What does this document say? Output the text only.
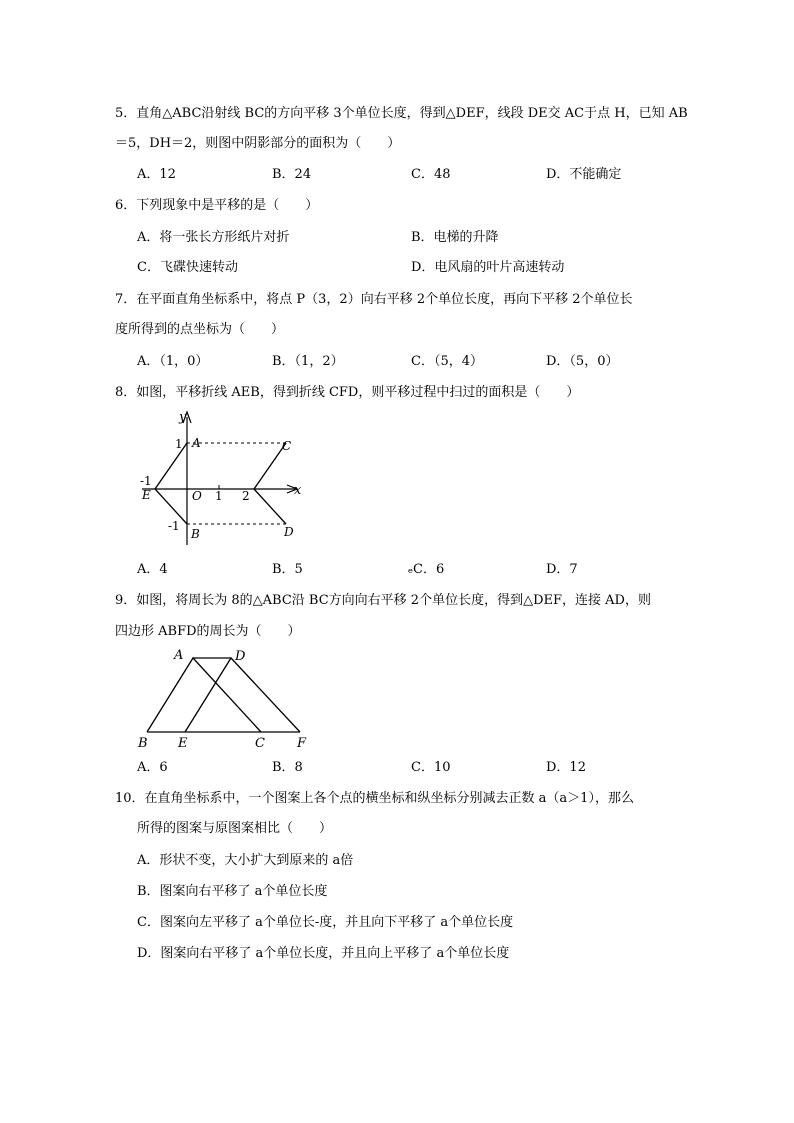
5．直角△ABC沿射线 BC的方向平移 3个单位长度，得到△DEF，线段 DE交 AC于点 H，已知 AB
＝5，DH＝2，则图中阴影部分的面积为（　　）
A．12	B．24	C．48	D．不能确定
6．下列现象中是平移的是（　　）
A．将一张长方形纸片对折	B．电梯的升降
C．飞碟快速转动	D．电风扇的叶片高速转动
7．在平面直角坐标系中，将点 P（3，2）向右平移 2个单位长度，再向下平移 2个单位长
度所得到的点坐标为（　　）
A．（1，0）	B．（1，2）	C．（5，4）	D．（5，0）
8．如图，平移折线 AEB，得到折线 CFD，则平移过程中扫过的面积是（　　）
y
x
1 A	C
-1
E	O 1 2
-1
B	D
A．4	B．5	ₑC．6	D．7
9．如图，将周长为 8的△ABC沿 BC方向向右平移 2个单位长度，得到△DEF，连接 AD，则
四边形 ABFD的周长为（　　）
A	D
B E	C F
A．6	B．8	C．10	D．12
10．在直角坐标系中，一个图案上各个点的横坐标和纵坐标分别减去正数 a（a＞1），那么
所得的图案与原图案相比（　　）
A．形状不变，大小扩大到原来的 a倍
B．图案向右平移了 a个单位长度
C．图案向左平移了 a个单位长-度，并且向下平移了 a个单位长度
D．图案向右平移了 a个单位长度，并且向上平移了 a个单位长度
